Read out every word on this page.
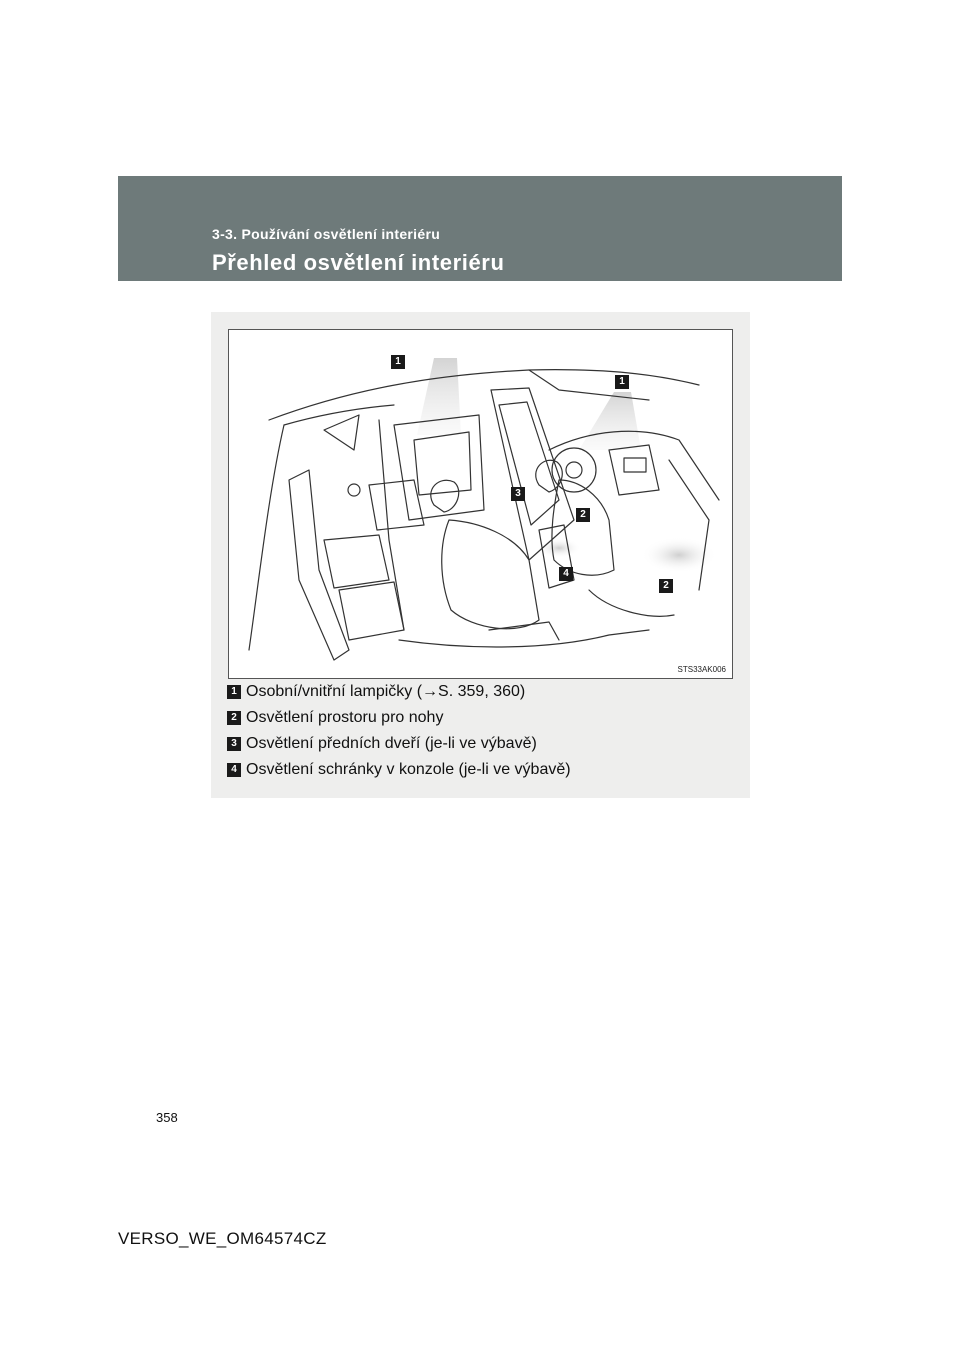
3-3. Používání osvětlení interiéru
Přehled osvětlení interiéru
1
1
3
2
4
2
STS33AK006
1 Osobní/vnitřní lampičky (→S. 359, 360)
2 Osvětlení prostoru pro nohy
3 Osvětlení předních dveří (je-li ve výbavě)
4 Osvětlení schránky v konzole (je-li ve výbavě)
358
VERSO_WE_OM64574CZ
